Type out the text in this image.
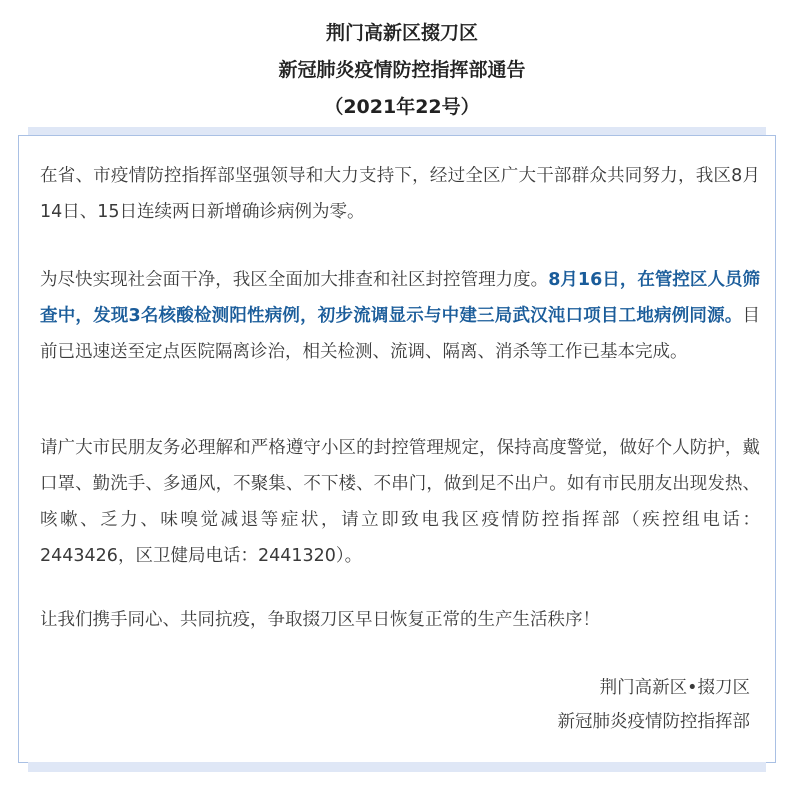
荆门高新区掇刀区

新冠肺炎疫情防控指挥部通告

（2021年22号）

在省、市疫情防控指挥部坚强领导和大力支持下，经过全区广大干部群众共同努力，我区8月14日、15日连续两日新增确诊病例为零。

为尽快实现社会面干净，我区全面加大排查和社区封控管理力度。8月16日，在管控区人员筛查中，发现3名核酸检测阳性病例，初步流调显示与中建三局武汉沌口项目工地病例同源。目前已迅速送至定点医院隔离诊治，相关检测、流调、隔离、消杀等工作已基本完成。

请广大市民朋友务必理解和严格遵守小区的封控管理规定，保持高度警觉，做好个人防护，戴口罩、勤洗手、多通风，不聚集、不下楼、不串门，做到足不出户。如有市民朋友出现发热、咳嗽、乏力、味嗅觉减退等症状，请立即致电我区疫情防控指挥部（疾控组电话：2443426，区卫健局电话：2441320）。

让我们携手同心、共同抗疫，争取掇刀区早日恢复正常的生产生活秩序！

荆门高新区•掇刀区
新冠肺炎疫情防控指挥部
